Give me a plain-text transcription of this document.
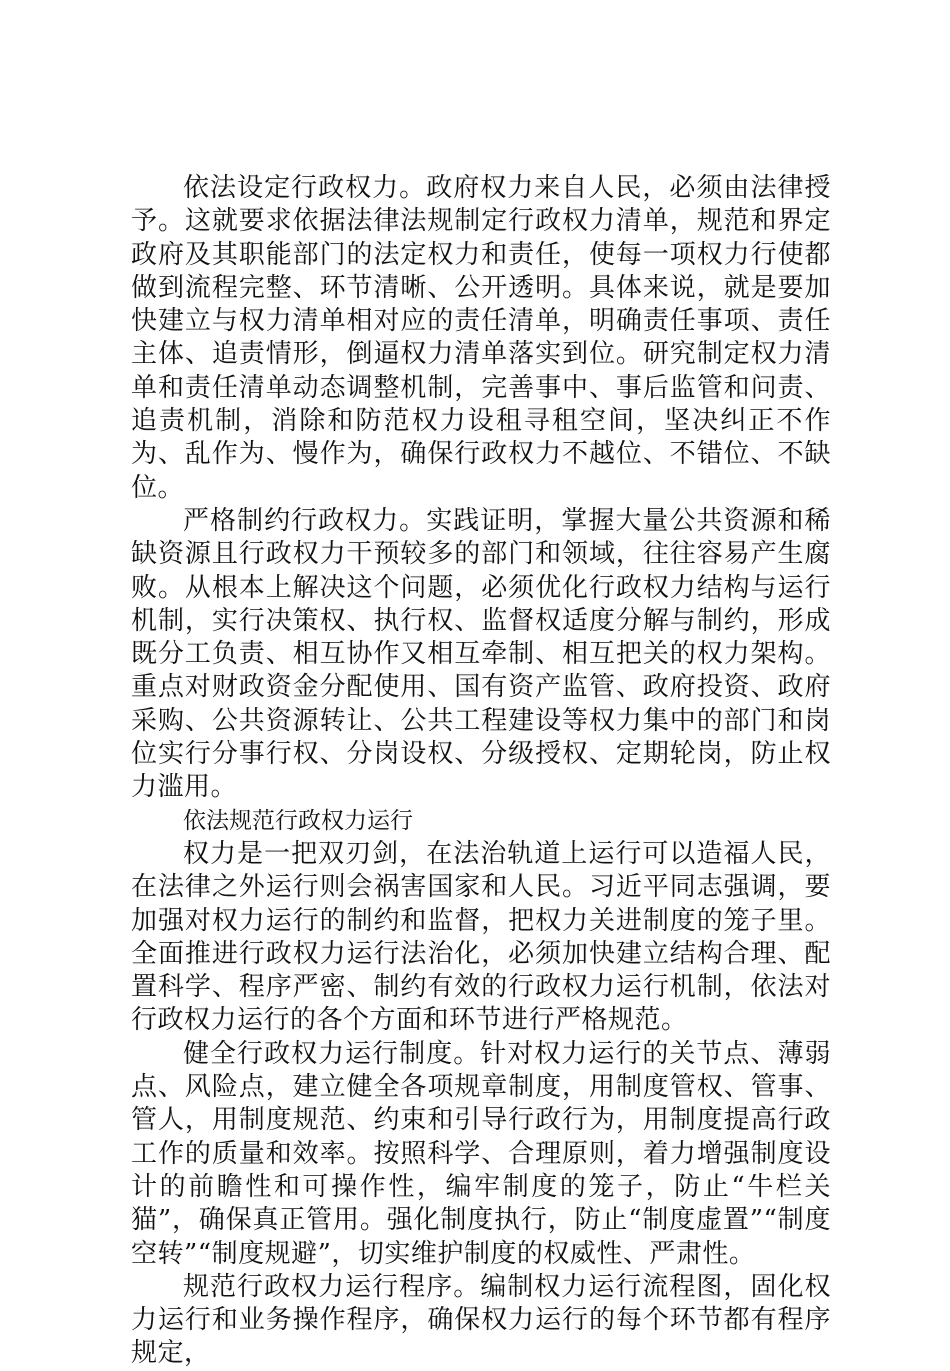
依法设定行政权力。政府权力来自人民，必须由法律授予。这就要求依据法律法规制定行政权力清单，规范和界定政府及其职能部门的法定权力和责任，使每一项权力行使都做到流程完整、环节清晰、公开透明。具体来说，就是要加快建立与权力清单相对应的责任清单，明确责任事项、责任主体、追责情形，倒逼权力清单落实到位。研究制定权力清单和责任清单动态调整机制，完善事中、事后监管和问责、追责机制，消除和防范权力设租寻租空间，坚决纠正不作为、乱作为、慢作为，确保行政权力不越位、不错位、不缺位。

严格制约行政权力。实践证明，掌握大量公共资源和稀缺资源且行政权力干预较多的部门和领域，往往容易产生腐败。从根本上解决这个问题，必须优化行政权力结构与运行机制，实行决策权、执行权、监督权适度分解与制约，形成既分工负责、相互协作又相互牵制、相互把关的权力架构。重点对财政资金分配使用、国有资产监管、政府投资、政府采购、公共资源转让、公共工程建设等权力集中的部门和岗位实行分事行权、分岗设权、分级授权、定期轮岗，防止权力滥用。

依法规范行政权力运行

权力是一把双刃剑，在法治轨道上运行可以造福人民，在法律之外运行则会祸害国家和人民。习近平同志强调，要加强对权力运行的制约和监督，把权力关进制度的笼子里。全面推进行政权力运行法治化，必须加快建立结构合理、配置科学、程序严密、制约有效的行政权力运行机制，依法对行政权力运行的各个方面和环节进行严格规范。

健全行政权力运行制度。针对权力运行的关节点、薄弱点、风险点，建立健全各项规章制度，用制度管权、管事、管人，用制度规范、约束和引导行政行为，用制度提高行政工作的质量和效率。按照科学、合理原则，着力增强制度设计的前瞻性和可操作性，编牢制度的笼子，防止“牛栏关猫”，确保真正管用。强化制度执行，防止“制度虚置”“制度空转”“制度规避”，切实维护制度的权威性、严肃性。

规范行政权力运行程序。编制权力运行流程图，固化权力运行和业务操作程序，确保权力运行的每个环节都有程序规定，
